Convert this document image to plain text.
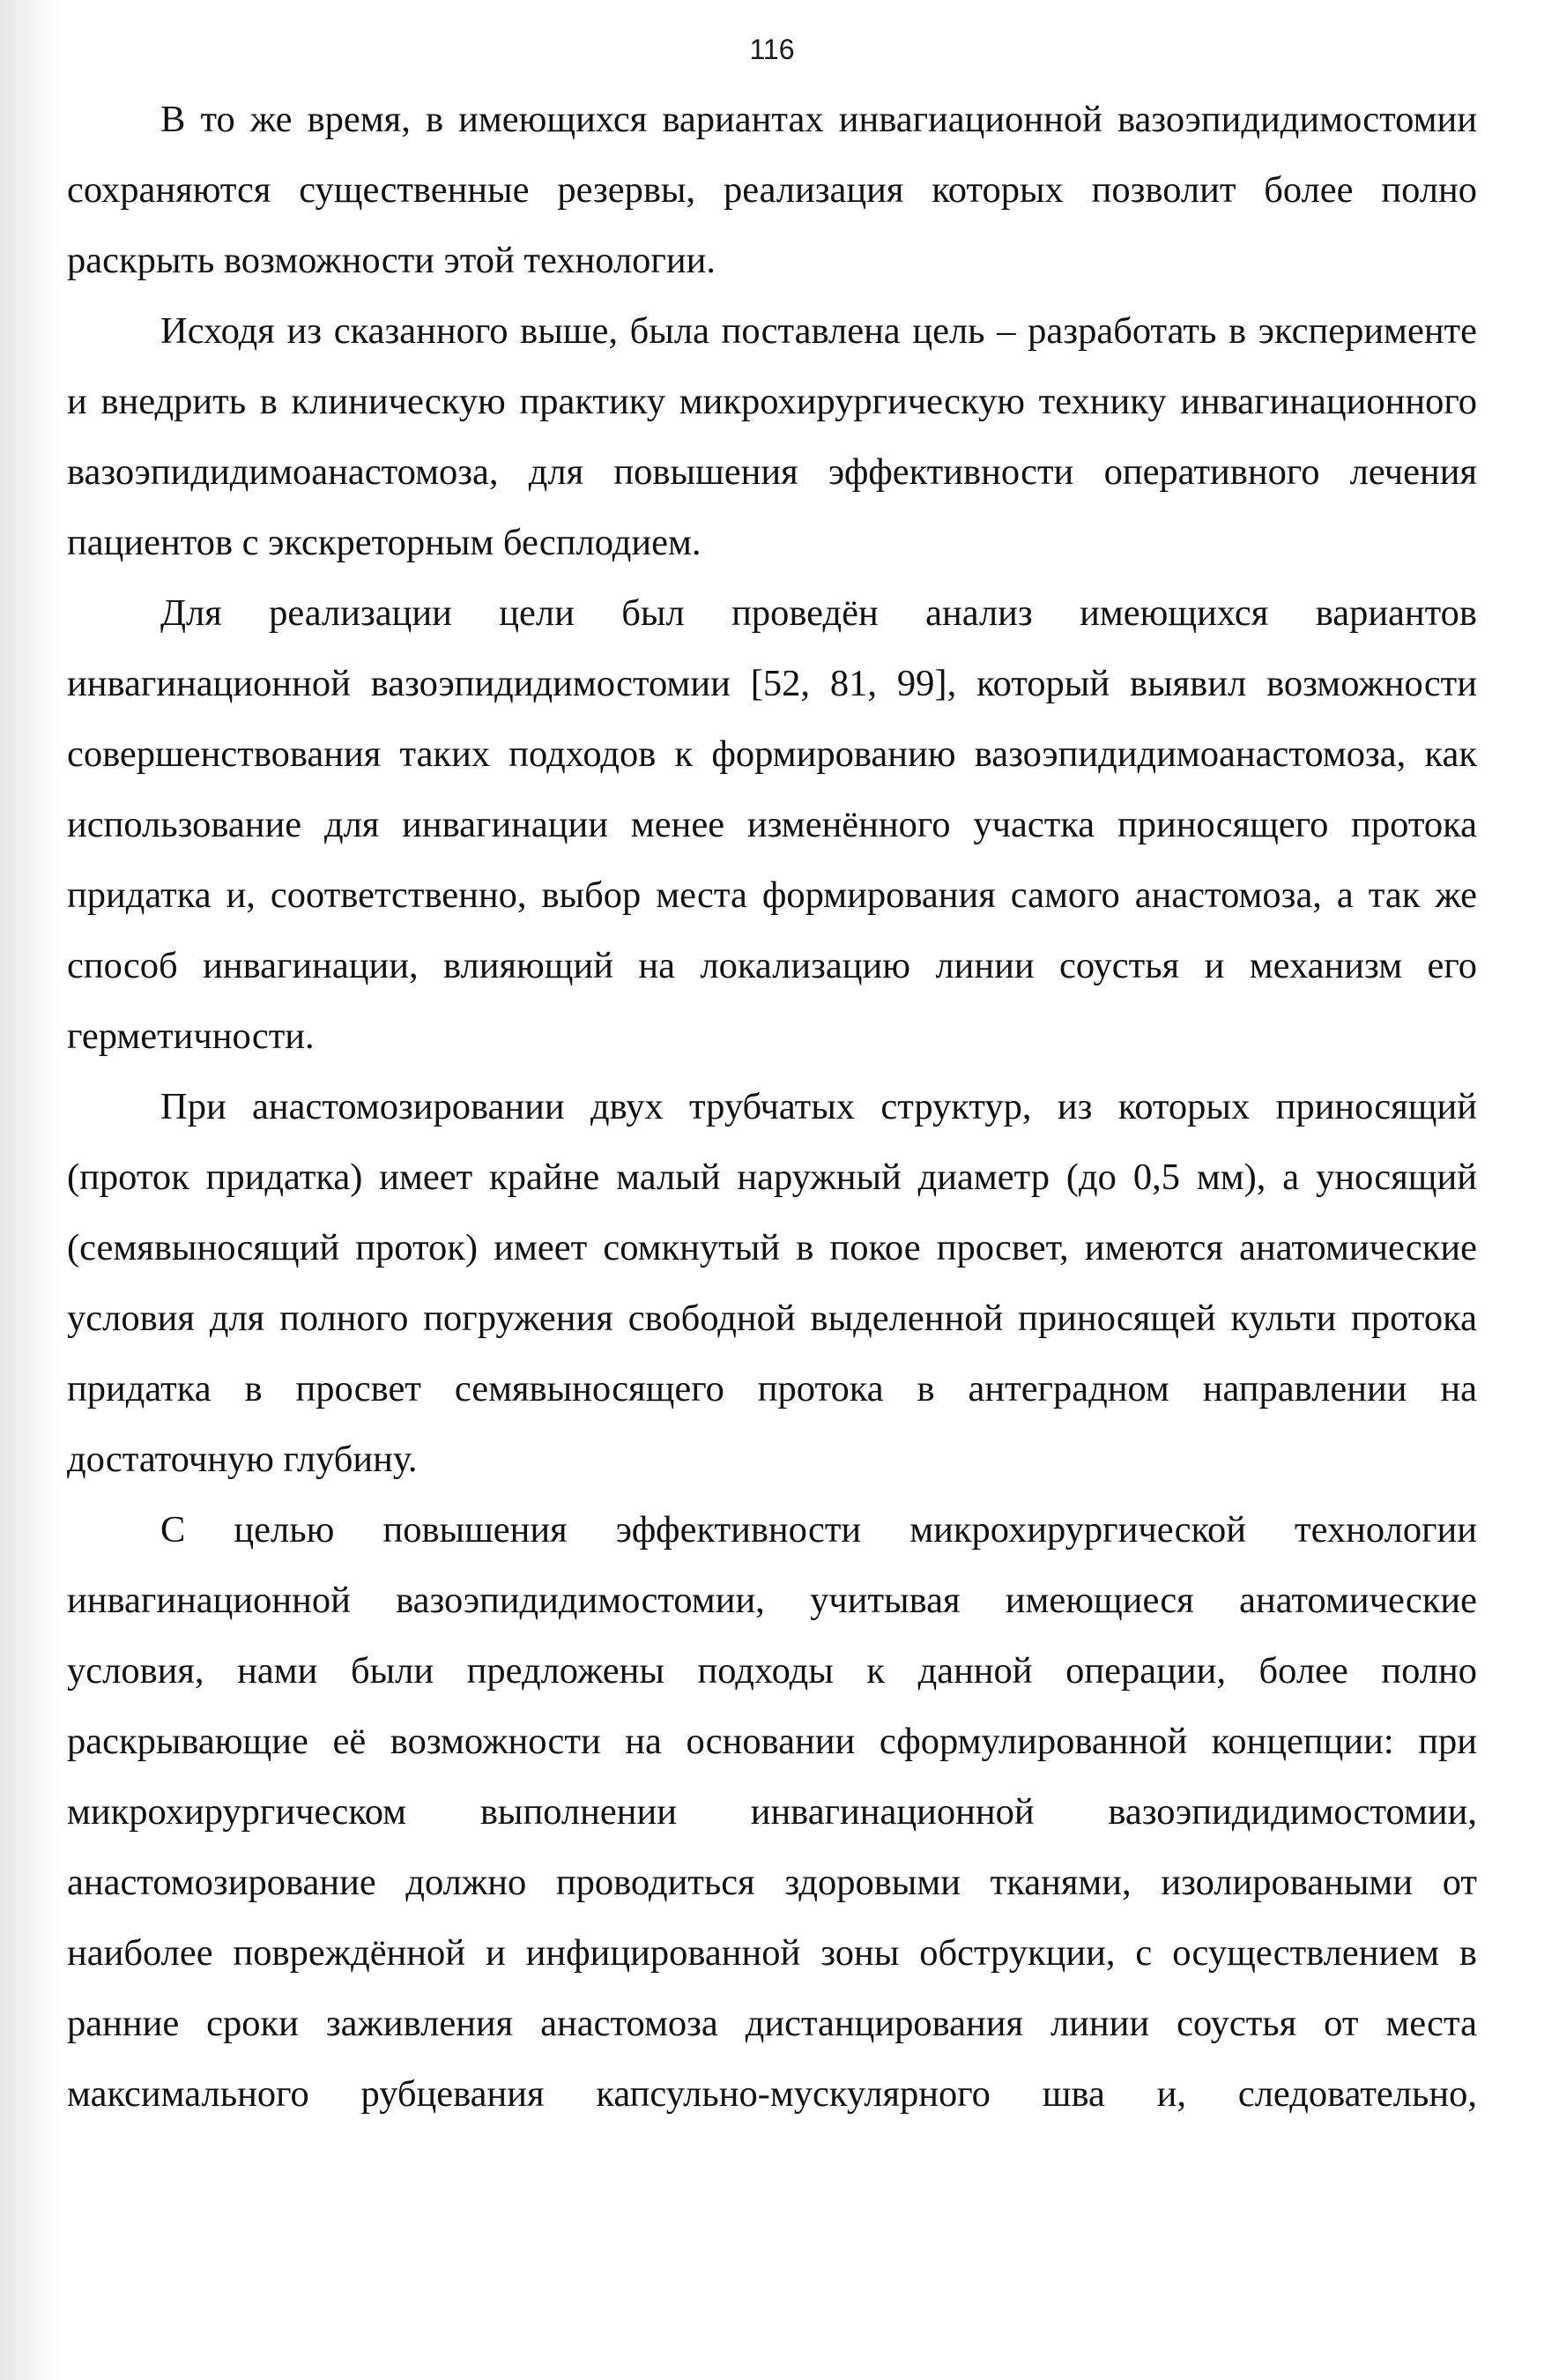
116

В то же время, в имеющихся вариантах инвагиационной вазоэпидидимостомии сохраняются существенные резервы, реализация которых позволит более полно раскрыть возможности этой технологии.

Исходя из сказанного выше, была поставлена цель – разработать в эксперименте и внедрить в клиническую практику микрохирургическую технику инвагинационного вазоэпидидимоанастомоза, для повышения эффективности оперативного лечения пациентов с экскреторным бесплодием.

Для реализации цели был проведён анализ имеющихся вариантов инвагинационной вазоэпидидимостомии [52, 81, 99], который выявил возможности совершенствования таких подходов к формированию вазоэпидидимоанастомоза, как использование для инвагинации менее изменённого участка приносящего протока придатка и, соответственно, выбор места формирования самого анастомоза, а так же способ инвагинации, влияющий на локализацию линии соустья и механизм его герметичности.

При анастомозировании двух трубчатых структур, из которых приносящий (проток придатка) имеет крайне малый наружный диаметр (до 0,5 мм), а уносящий (семявыносящий проток) имеет сомкнутый в покое просвет, имеются анатомические условия для полного погружения свободной выделенной приносящей культи протока придатка в просвет семявыносящего протока в антеградном направлении на достаточную глубину.

С целью повышения эффективности микрохирургической технологии инвагинационной вазоэпидидимостомии, учитывая имеющиеся анатомические условия, нами были предложены подходы к данной операции, более полно раскрывающие её возможности на основании сформулированной концепции: при микрохирургическом выполнении инвагинационной вазоэпидидимостомии, анастомозирование должно проводиться здоровыми тканями, изолироваными от наиболее повреждённой и инфицированной зоны обструкции, с осуществлением в ранние сроки заживления анастомоза дистанцирования линии соустья от места максимального рубцевания капсульно-мускулярного шва и, следовательно,
